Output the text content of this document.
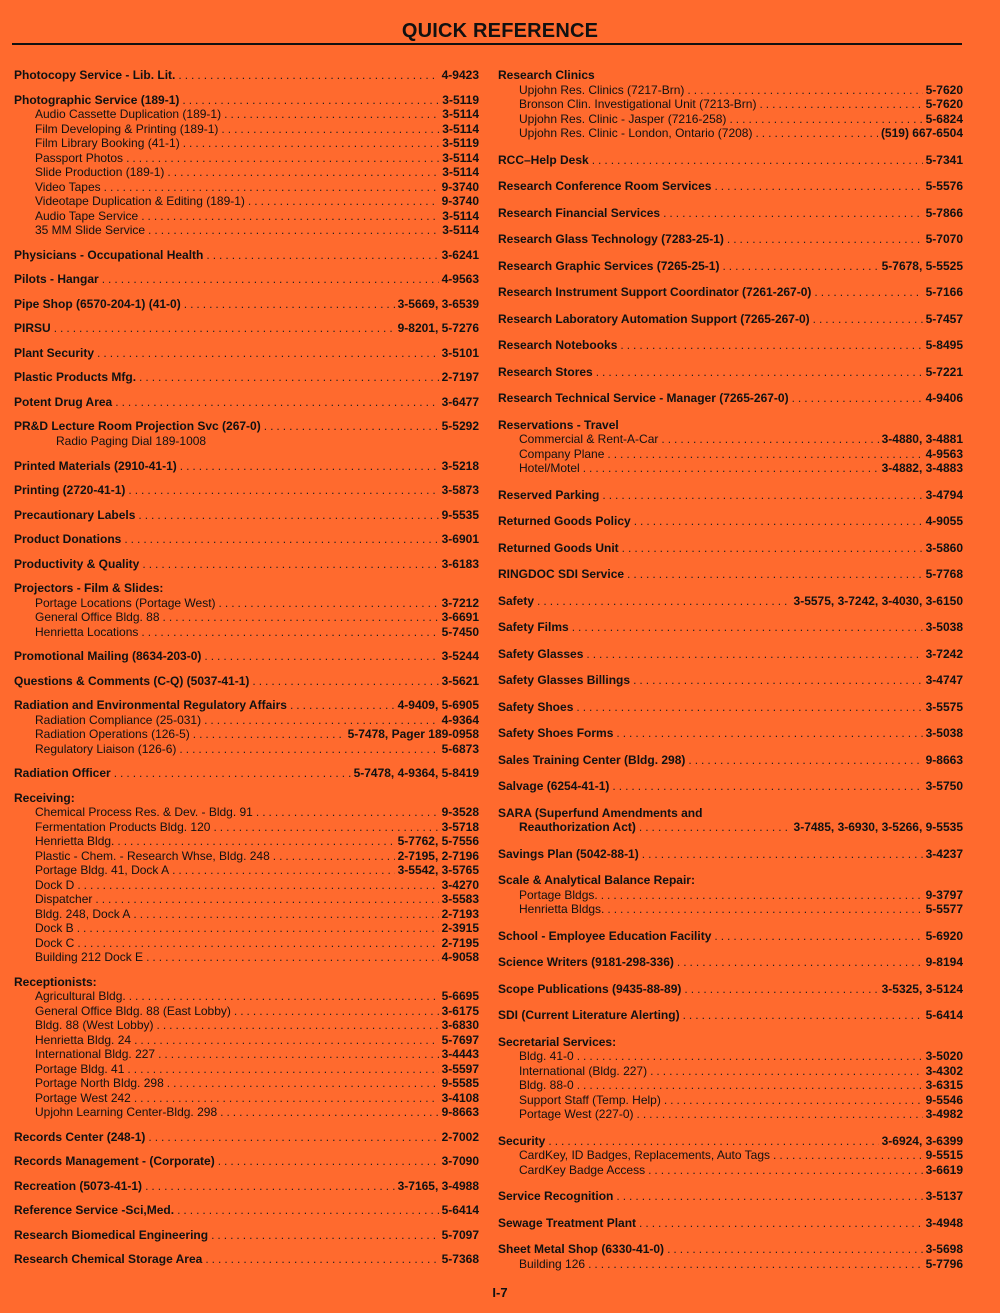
QUICK REFERENCE
Photocopy Service - Lib. Lit. .....	4-9423
Photographic Service (189-1) .....	3-5119
Audio Cassette Duplication (189-1) .....	3-5114
Film Developing & Printing (189-1) .....	3-5114
Film Library Booking (41-1) .....	3-5119
Passport Photos .....	3-5114
Slide Production (189-1) .....	3-5114
Video Tapes .....	9-3740
Videotape Duplication & Editing (189-1) .....	9-3740
Audio Tape Service .....	3-5114
35 MM Slide Service .....	3-5114
Physicians - Occupational Health .....	3-6241
Pilots - Hangar .....	4-9563
Pipe Shop (6570-204-1) (41-0) .....	3-5669, 3-6539
PIRSU .....	9-8201, 5-7276
Plant Security .....	3-5101
Plastic Products Mfg. .....	2-7197
Potent Drug Area .....	3-6477
PR&D Lecture Room Projection Svc (267-0) .....	5-5292
Radio Paging Dial 189-1008
Printed Materials (2910-41-1) .....	3-5218
Printing (2720-41-1) .....	3-5873
Precautionary Labels .....	9-5535
Product Donations .....	3-6901
Productivity & Quality .....	3-6183
Projectors - Film & Slides:
Portage Locations (Portage West) .....	3-7212
General Office Bldg. 88 .....	3-6691
Henrietta Locations .....	5-7450
Promotional Mailing (8634-203-0) .....	3-5244
Questions & Comments (C-Q) (5037-41-1) .....	3-5621
Radiation and Environmental Regulatory Affairs .....	4-9409, 5-6905
Radiation Compliance (25-031) .....	4-9364
Radiation Operations (126-5) .....	5-7478, Pager 189-0958
Regulatory Liaison (126-6) .....	5-6873
Radiation Officer .....	5-7478, 4-9364, 5-8419
Receiving:
Chemical Process Res. & Dev. - Bldg. 91 .....	9-3528
Fermentation Products Bldg. 120 .....	3-5718
Henrietta Bldg. .....	5-7762, 5-7556
Plastic - Chem. - Research Whse, Bldg. 248 .....	2-7195, 2-7196
Portage Bldg. 41, Dock A .....	3-5542, 3-5765
Dock D .....	3-4270
Dispatcher .....	3-5583
Bldg. 248, Dock A .....	2-7193
Dock B .....	2-3915
Dock C .....	2-7195
Building 212 Dock E .....	4-9058
Receptionists:
Agricultural Bldg. .....	5-6695
General Office Bldg. 88 (East Lobby) .....	3-6175
Bldg. 88 (West Lobby) .....	3-6830
Henrietta Bldg. 24 .....	5-7697
International Bldg. 227 .....	3-4443
Portage Bldg. 41 .....	3-5597
Portage North Bldg. 298 .....	9-5585
Portage West 242 .....	3-4108
Upjohn Learning Center-Bldg. 298 .....	9-8663
Records Center (248-1) .....	2-7002
Records Management - (Corporate) .....	3-7090
Recreation (5073-41-1) .....	3-7165, 3-4988
Reference Service -Sci,Med. .....	5-6414
Research Biomedical Engineering .....	5-7097
Research Chemical Storage Area .....	5-7368
Research Clinics
Upjohn Res. Clinics (7217-Brn) .....	5-7620
Bronson Clin. Investigational Unit (7213-Brn) .....	5-7620
Upjohn Res. Clinic - Jasper (7216-258) .....	5-6824
Upjohn Res. Clinic - London, Ontario (7208) .....	(519) 667-6504
RCC–Help Desk .....	5-7341
Research Conference Room Services .....	5-5576
Research Financial Services .....	5-7866
Research Glass Technology (7283-25-1) .....	5-7070
Research Graphic Services (7265-25-1) .....	5-7678, 5-5525
Research Instrument Support Coordinator (7261-267-0) .....	5-7166
Research Laboratory Automation Support (7265-267-0) .....	5-7457
Research Notebooks .....	5-8495
Research Stores .....	5-7221
Research Technical Service - Manager (7265-267-0) .....	4-9406
Reservations - Travel
Commercial & Rent-A-Car .....	3-4880, 3-4881
Company Plane .....	4-9563
Hotel/Motel .....	3-4882, 3-4883
Reserved Parking .....	3-4794
Returned Goods Policy .....	4-9055
Returned Goods Unit .....	3-5860
RINGDOC SDI Service .....	5-7768
Safety .....	3-5575, 3-7242, 3-4030, 3-6150
Safety Films .....	3-5038
Safety Glasses .....	3-7242
Safety Glasses Billings .....	3-4747
Safety Shoes .....	3-5575
Safety Shoes Forms .....	3-5038
Sales Training Center (Bldg. 298) .....	9-8663
Salvage (6254-41-1) .....	3-5750
SARA (Superfund Amendments and
Reauthorization Act) .....	3-7485, 3-6930, 3-5266, 9-5535
Savings Plan (5042-88-1) .....	3-4237
Scale & Analytical Balance Repair:
Portage Bldgs. .....	9-3797
Henrietta Bldgs. .....	5-5577
School - Employee Education Facility .....	5-6920
Science Writers (9181-298-336) .....	9-8194
Scope Publications (9435-88-89) .....	3-5325, 3-5124
SDI (Current Literature Alerting) .....	5-6414
Secretarial Services:
Bldg. 41-0 .....	3-5020
International (Bldg. 227) .....	3-4302
Bldg. 88-0 .....	3-6315
Support Staff (Temp. Help) .....	9-5546
Portage West (227-0) .....	3-4982
Security .....	3-6924, 3-6399
CardKey, ID Badges, Replacements, Auto Tags .....	9-5515
CardKey Badge Access .....	3-6619
Service Recognition .....	3-5137
Sewage Treatment Plant .....	3-4948
Sheet Metal Shop (6330-41-0) .....	3-5698
Building 126 .....	5-7796
I-7
